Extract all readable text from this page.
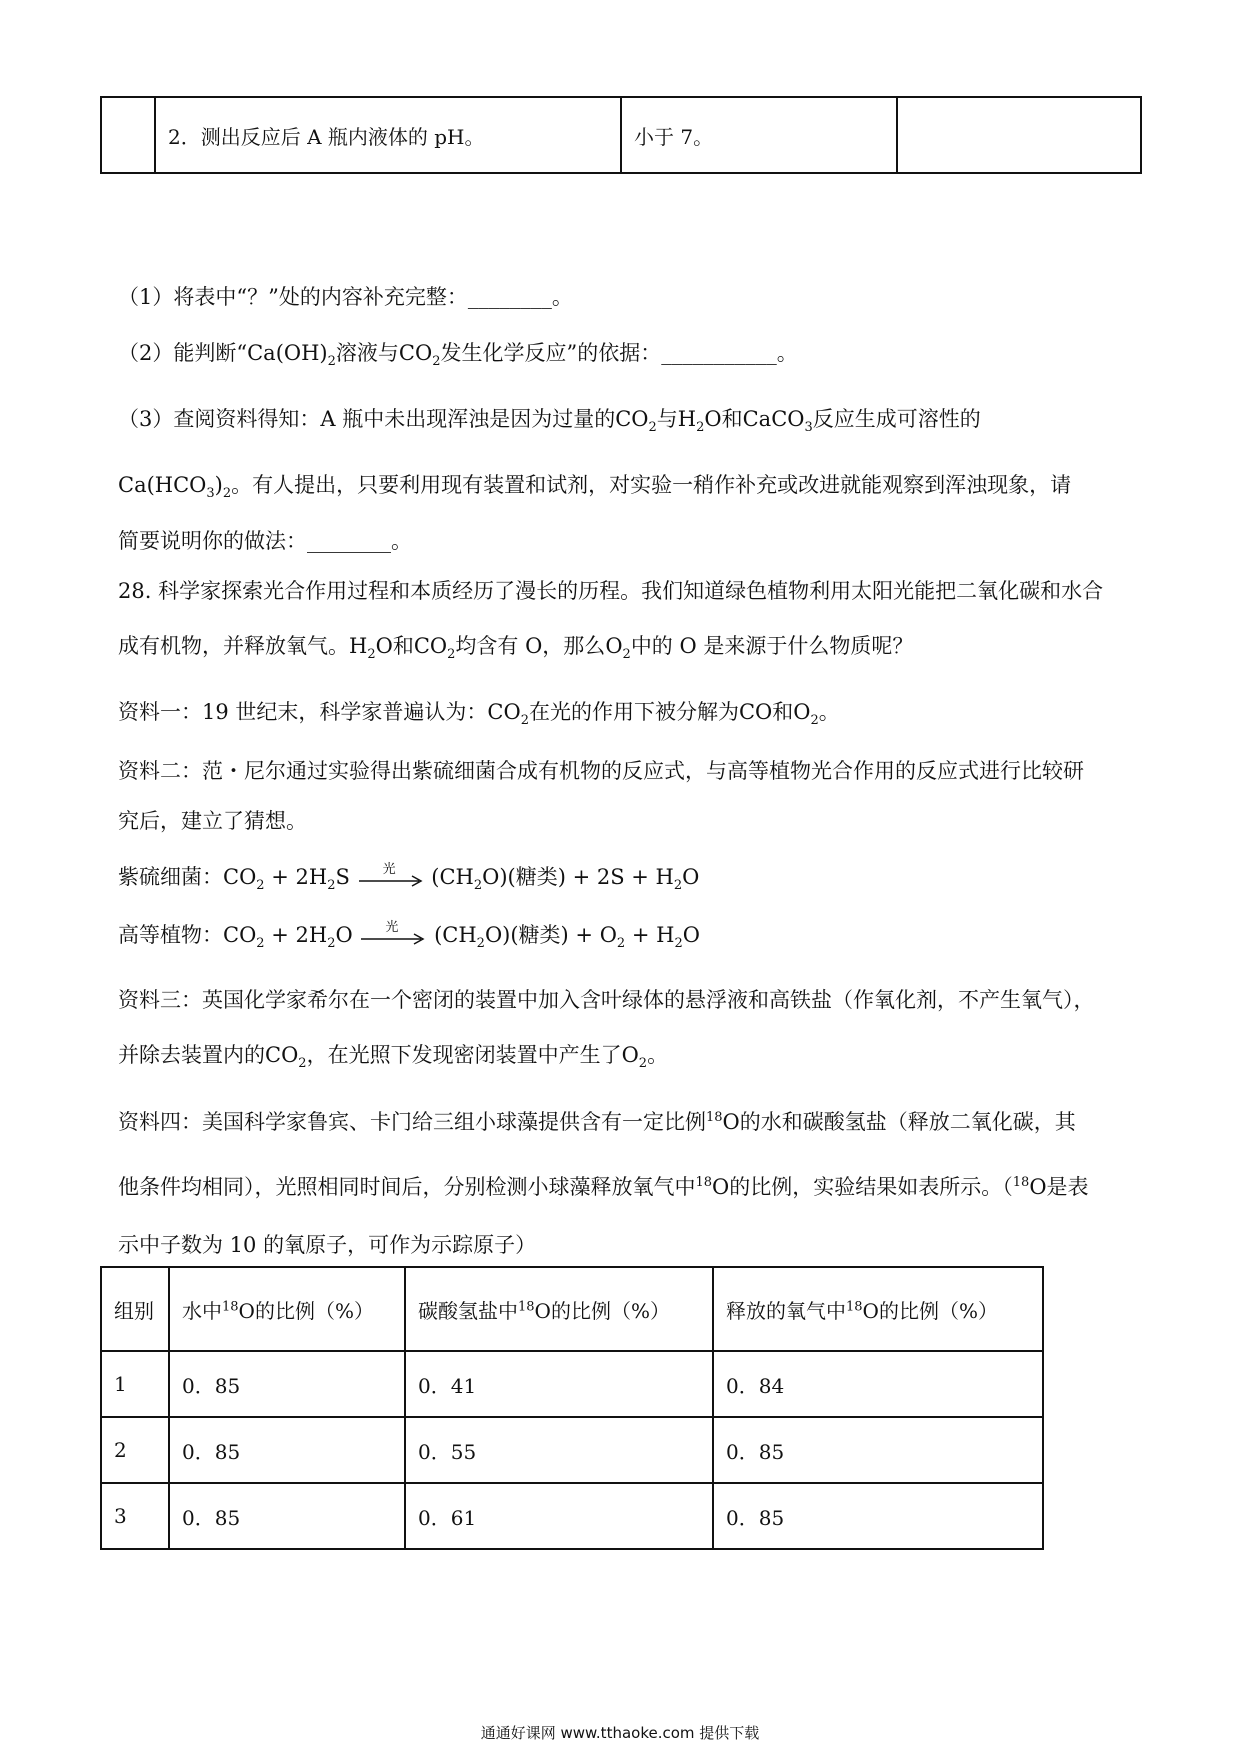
	2．测出反应后 A 瓶内液体的 pH。	小于 7。	
（1）将表中“？”处的内容补充完整：________。
（2）能判断“$Ca(OH)_2$溶液与$CO_2$发生化学反应”的依据：___________。
（3）查阅资料得知：A 瓶中未出现浑浊是因为过量的$CO_2$与$H_2O$和CaCO$_3$反应生成可溶性的
$Ca(HCO_3)_2$。有人提出，只要利用现有装置和试剂，对实验一稍作补充或改进就能观察到浑浊现象，请
简要说明你的做法：________。
28. 科学家探索光合作用过程和本质经历了漫长的历程。我们知道绿色植物利用太阳光能把二氧化碳和水合
成有机物，并释放氧气。$H_2O$和$CO_2$均含有 O，那么$O_2$中的 O 是来源于什么物质呢？
资料一：19 世纪末，科学家普遍认为：$CO_2$在光的作用下被分解为CO和$O_2$。
资料二：范・尼尔通过实验得出紫硫细菌合成有机物的反应式，与高等植物光合作用的反应式进行比较研
究后，建立了猜想。
紫硫细菌：$CO_2 + 2H_2S$	光 $(CH_2O)$(糖类) + $2S + H_2O$
高等植物：$CO_2 + 2H_2O$	光 $(CH_2O)$(糖类) + $O_2 + H_2O$
资料三：英国化学家希尔在一个密闭的装置中加入含叶绿体的悬浮液和高铁盐（作氧化剂，不产生氧气），
并除去装置内的$CO_2$，在光照下发现密闭装置中产生了$O_2$。
资料四：美国科学家鲁宾、卡门给三组小球藻提供含有一定比例$^{18}$O的水和碳酸氢盐（释放二氧化碳，其
他条件均相同），光照相同时间后，分别检测小球藻释放氧气中$^{18}$O的比例，实验结果如表所示。（$^{18}$O是表
示中子数为 10 的氧原子，可作为示踪原子）
组别	水中$^{18}$O的比例（%）	碳酸氢盐中$^{18}$O的比例（%）	释放的氧气中$^{18}$O的比例（%）
1	0．85	0．41	0．84
2	0．85	0．55	0．85
3	0．85	0．61	0．85
通通好课网 www.tthaoke.com 提供下载
